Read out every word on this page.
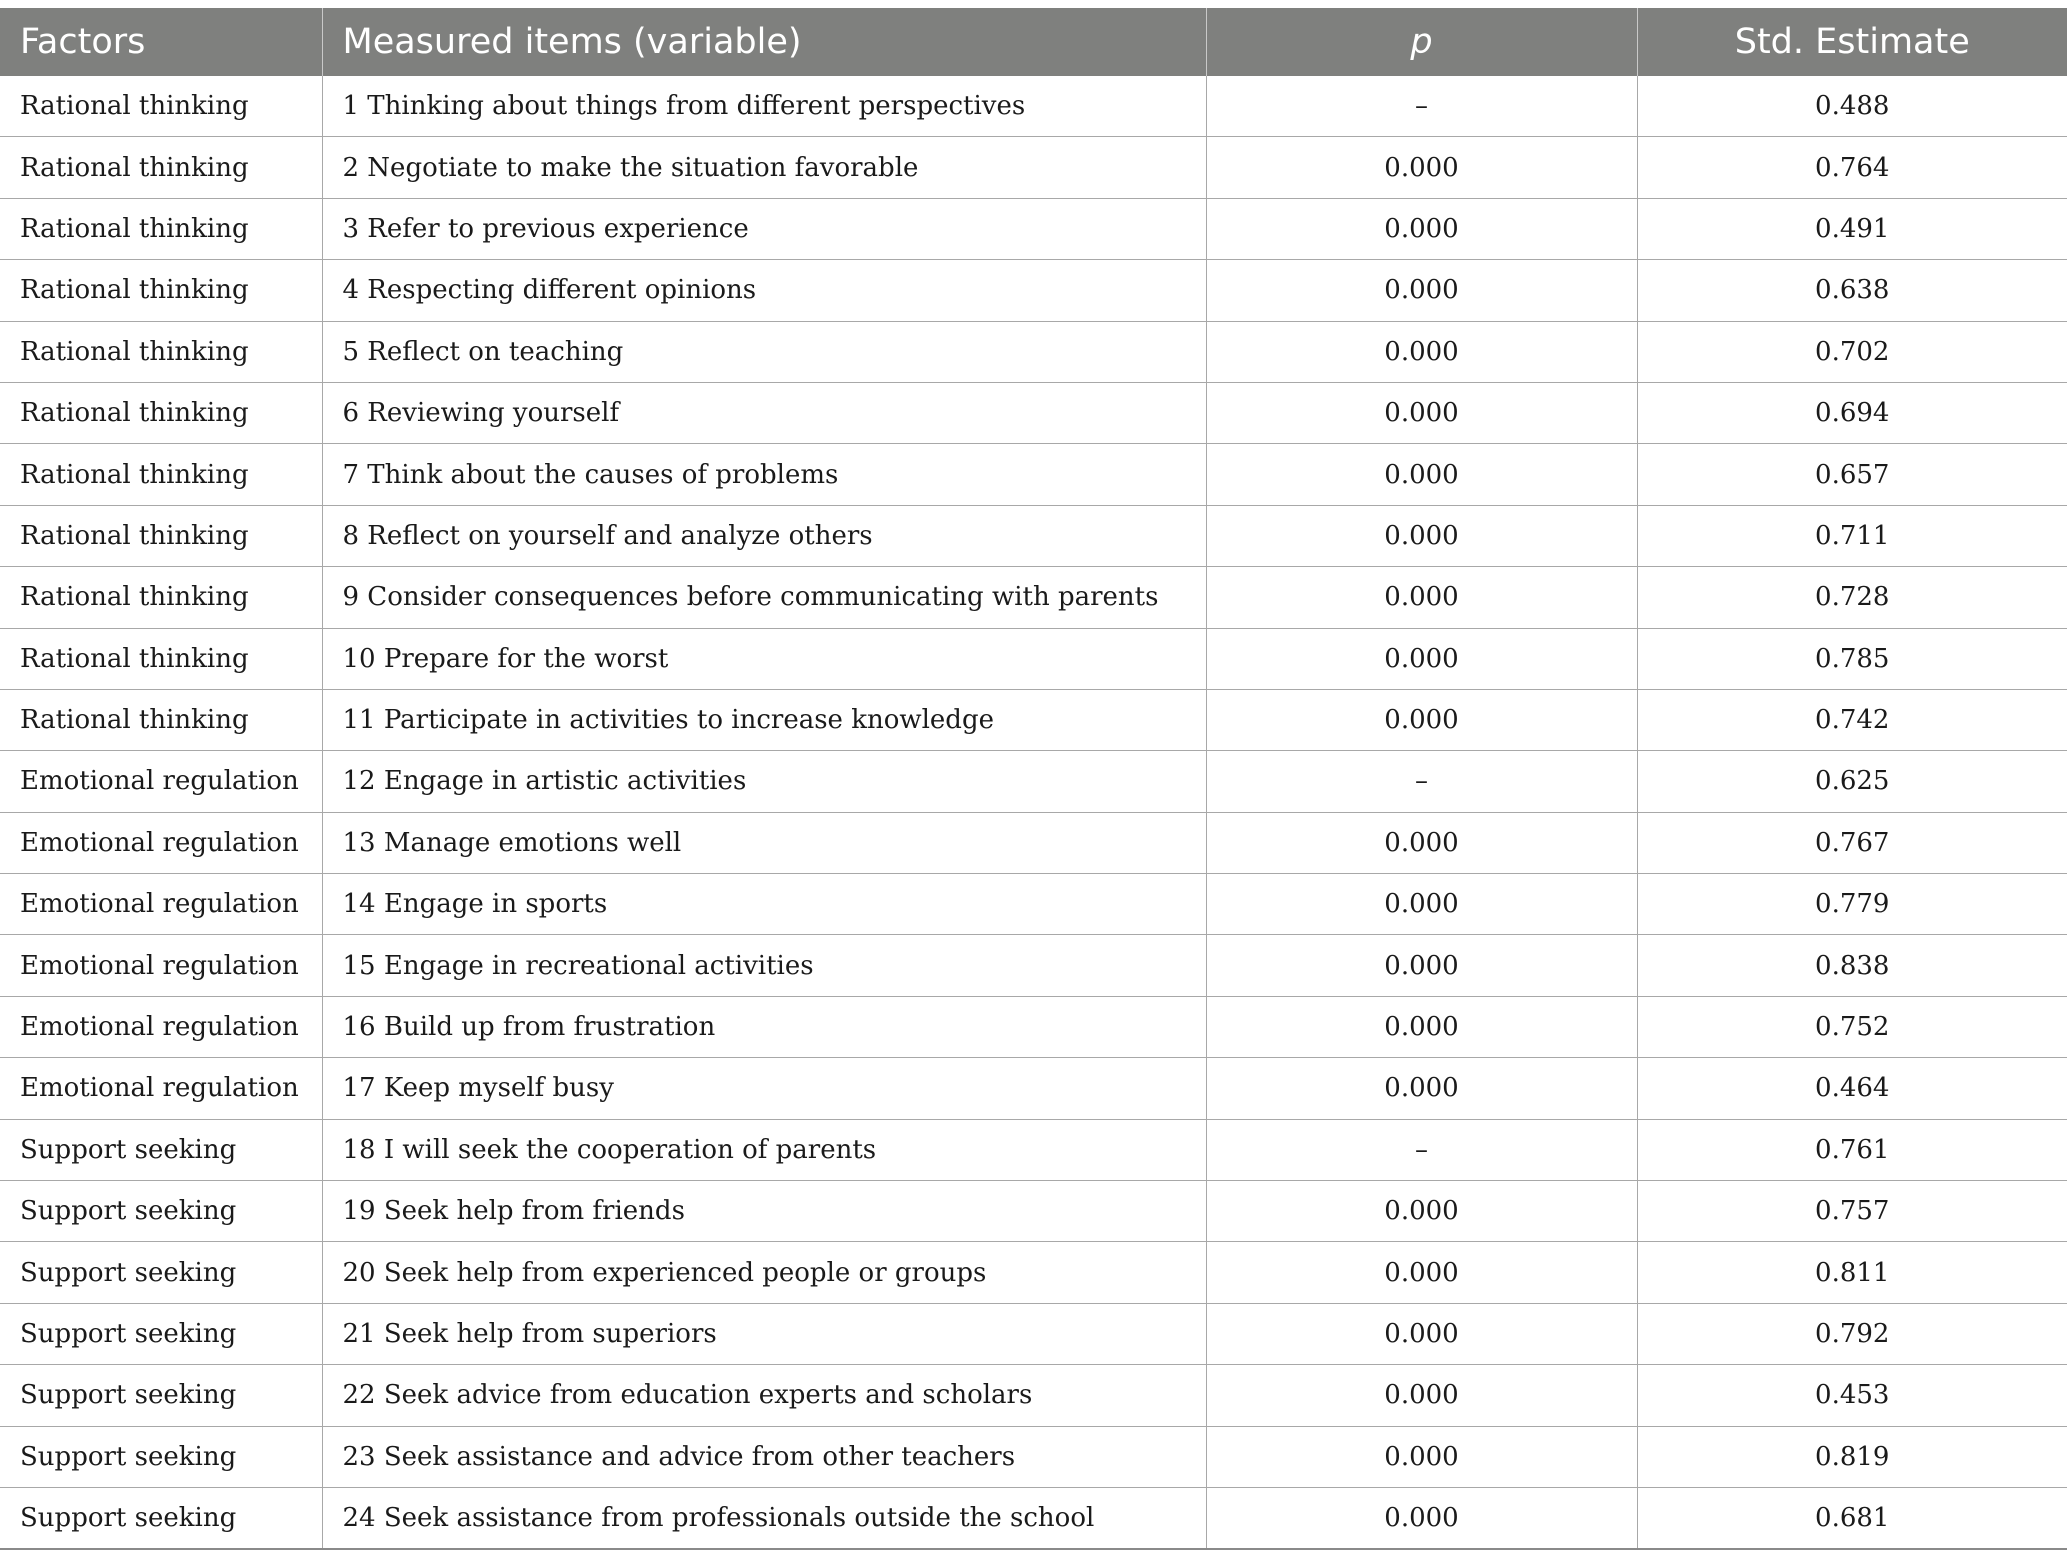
Factors	Measured items (variable)	p	Std. Estimate
Rational thinking	1 Thinking about things from different perspectives	–	0.488
Rational thinking	2 Negotiate to make the situation favorable	0.000	0.764
Rational thinking	3 Refer to previous experience	0.000	0.491
Rational thinking	4 Respecting different opinions	0.000	0.638
Rational thinking	5 Reflect on teaching	0.000	0.702
Rational thinking	6 Reviewing yourself	0.000	0.694
Rational thinking	7 Think about the causes of problems	0.000	0.657
Rational thinking	8 Reflect on yourself and analyze others	0.000	0.711
Rational thinking	9 Consider consequences before communicating with parents	0.000	0.728
Rational thinking	10 Prepare for the worst	0.000	0.785
Rational thinking	11 Participate in activities to increase knowledge	0.000	0.742
Emotional regulation	12 Engage in artistic activities	–	0.625
Emotional regulation	13 Manage emotions well	0.000	0.767
Emotional regulation	14 Engage in sports	0.000	0.779
Emotional regulation	15 Engage in recreational activities	0.000	0.838
Emotional regulation	16 Build up from frustration	0.000	0.752
Emotional regulation	17 Keep myself busy	0.000	0.464
Support seeking	18 I will seek the cooperation of parents	–	0.761
Support seeking	19 Seek help from friends	0.000	0.757
Support seeking	20 Seek help from experienced people or groups	0.000	0.811
Support seeking	21 Seek help from superiors	0.000	0.792
Support seeking	22 Seek advice from education experts and scholars	0.000	0.453
Support seeking	23 Seek assistance and advice from other teachers	0.000	0.819
Support seeking	24 Seek assistance from professionals outside the school	0.000	0.681
